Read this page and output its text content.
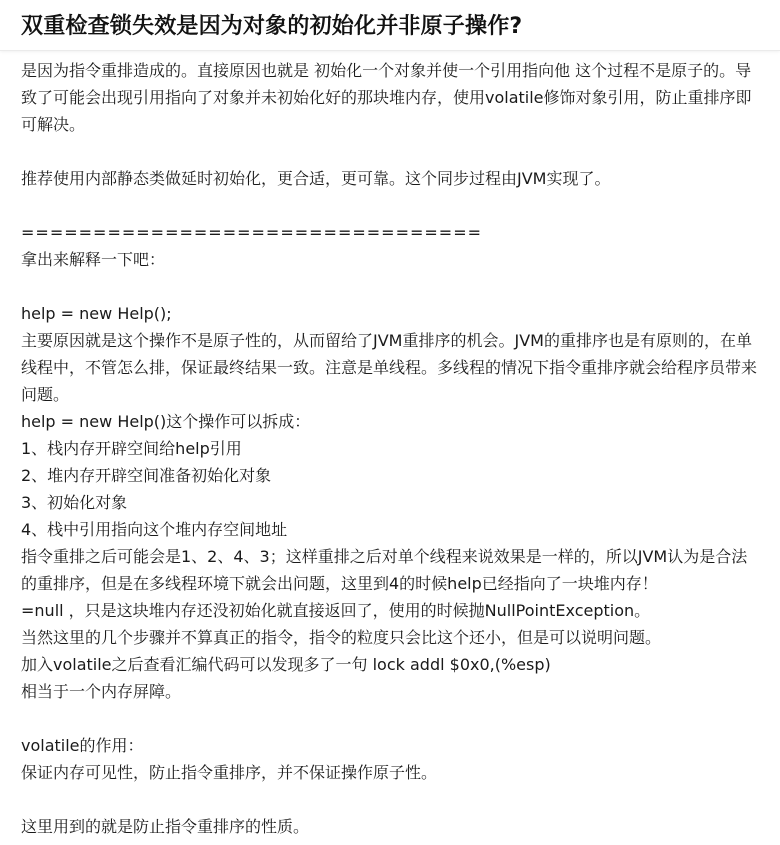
双重检查锁失效是因为对象的初始化并非原子操作?

是因为指令重排造成的。直接原因也就是 初始化一个对象并使一个引用指向他 这个过程不是原子的。导致了可能会出现引用指向了对象并未初始化好的那块堆内存，使用volatile修饰对象引用，防止重排序即可解决。

推荐使用内部静态类做延时初始化，更合适，更可靠。这个同步过程由JVM实现了。

================================

拿出来解释一下吧：

help = new Help();

主要原因就是这个操作不是原子性的，从而留给了JVM重排序的机会。JVM的重排序也是有原则的，在单线程中，不管怎么排，保证最终结果一致。注意是单线程。多线程的情况下指令重排序就会给程序员带来问题。

help = new Help()这个操作可以拆成：

1、栈内存开辟空间给help引用

2、堆内存开辟空间准备初始化对象

3、初始化对象

4、栈中引用指向这个堆内存空间地址

指令重排之后可能会是1、2、4、3；这样重排之后对单个线程来说效果是一样的，所以JVM认为是合法的重排序，但是在多线程环境下就会出问题，这里到4的时候help已经指向了一块堆内存！

=null ，只是这块堆内存还没初始化就直接返回了，使用的时候抛NullPointException。

当然这里的几个步骤并不算真正的指令，指令的粒度只会比这个还小，但是可以说明问题。

加入volatile之后查看汇编代码可以发现多了一句 lock addl $0x0,(%esp)

相当于一个内存屏障。

volatile的作用：

保证内存可见性，防止指令重排序，并不保证操作原子性。

这里用到的就是防止指令重排序的性质。
